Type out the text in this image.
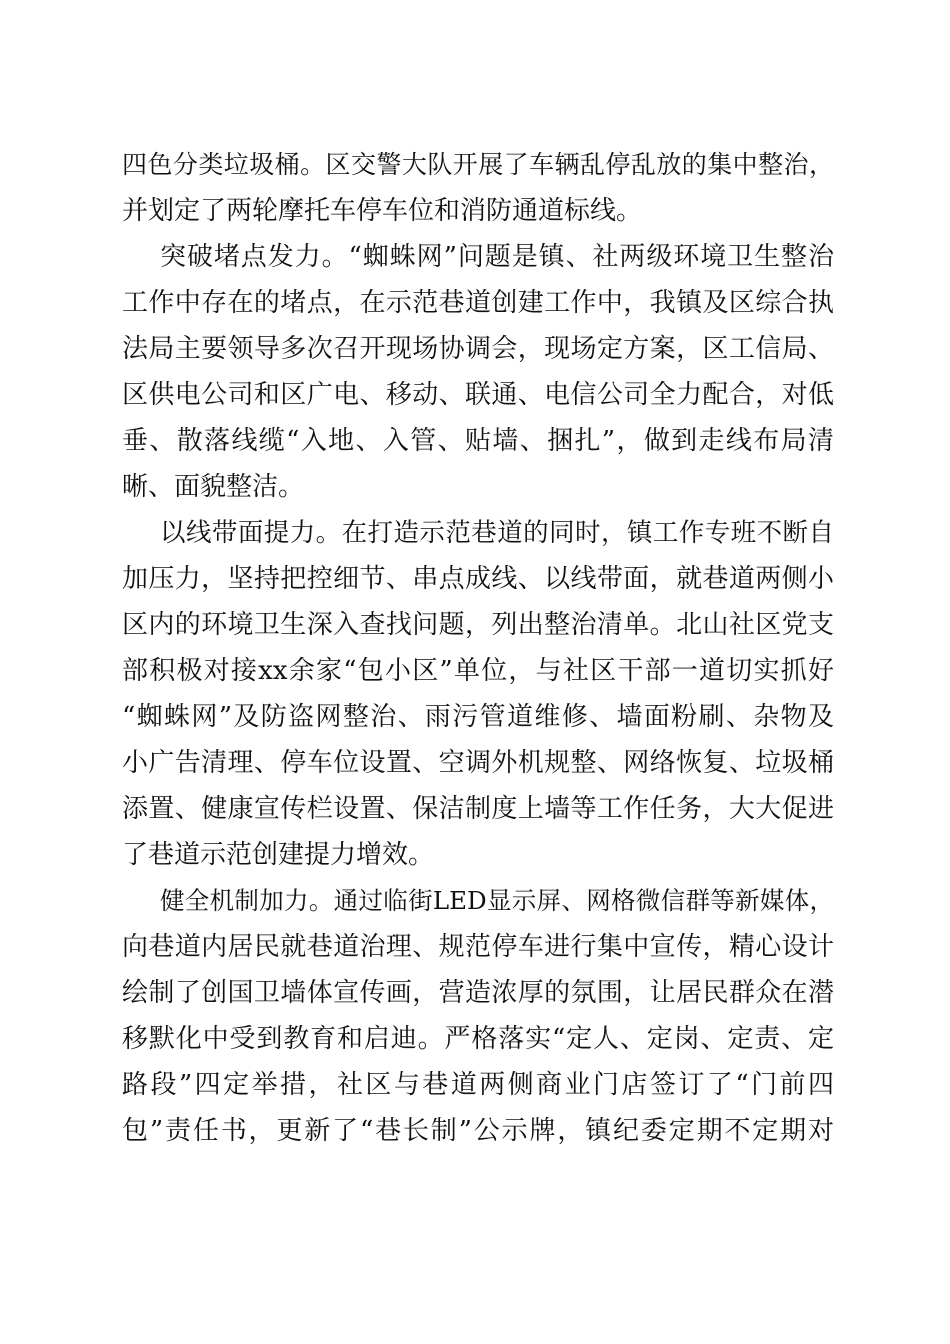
四色分类垃圾桶。区交警大队开展了车辆乱停乱放的集中整治，
并划定了两轮摩托车停车位和消防通道标线。
突破堵点发力。“蜘蛛网”问题是镇、社两级环境卫生整治
工作中存在的堵点，在示范巷道创建工作中，我镇及区综合执
法局主要领导多次召开现场协调会，现场定方案，区工信局、
区供电公司和区广电、移动、联通、电信公司全力配合，对低
垂、散落线缆“入地、入管、贴墙、捆扎”，做到走线布局清
晰、面貌整洁。
以线带面提力。在打造示范巷道的同时，镇工作专班不断自
加压力，坚持把控细节、串点成线、以线带面，就巷道两侧小
区内的环境卫生深入查找问题，列出整治清单。北山社区党支
部积极对接xx余家“包小区”单位，与社区干部一道切实抓好
“蜘蛛网”及防盗网整治、雨污管道维修、墙面粉刷、杂物及
小广告清理、停车位设置、空调外机规整、网络恢复、垃圾桶
添置、健康宣传栏设置、保洁制度上墙等工作任务，大大促进
了巷道示范创建提力增效。
健全机制加力。通过临街LED显示屏、网格微信群等新媒体，
向巷道内居民就巷道治理、规范停车进行集中宣传，精心设计
绘制了创国卫墙体宣传画，营造浓厚的氛围，让居民群众在潜
移默化中受到教育和启迪。严格落实“定人、定岗、定责、定
路段”四定举措，社区与巷道两侧商业门店签订了“门前四
包”责任书，更新了“巷长制”公示牌，镇纪委定期不定期对
